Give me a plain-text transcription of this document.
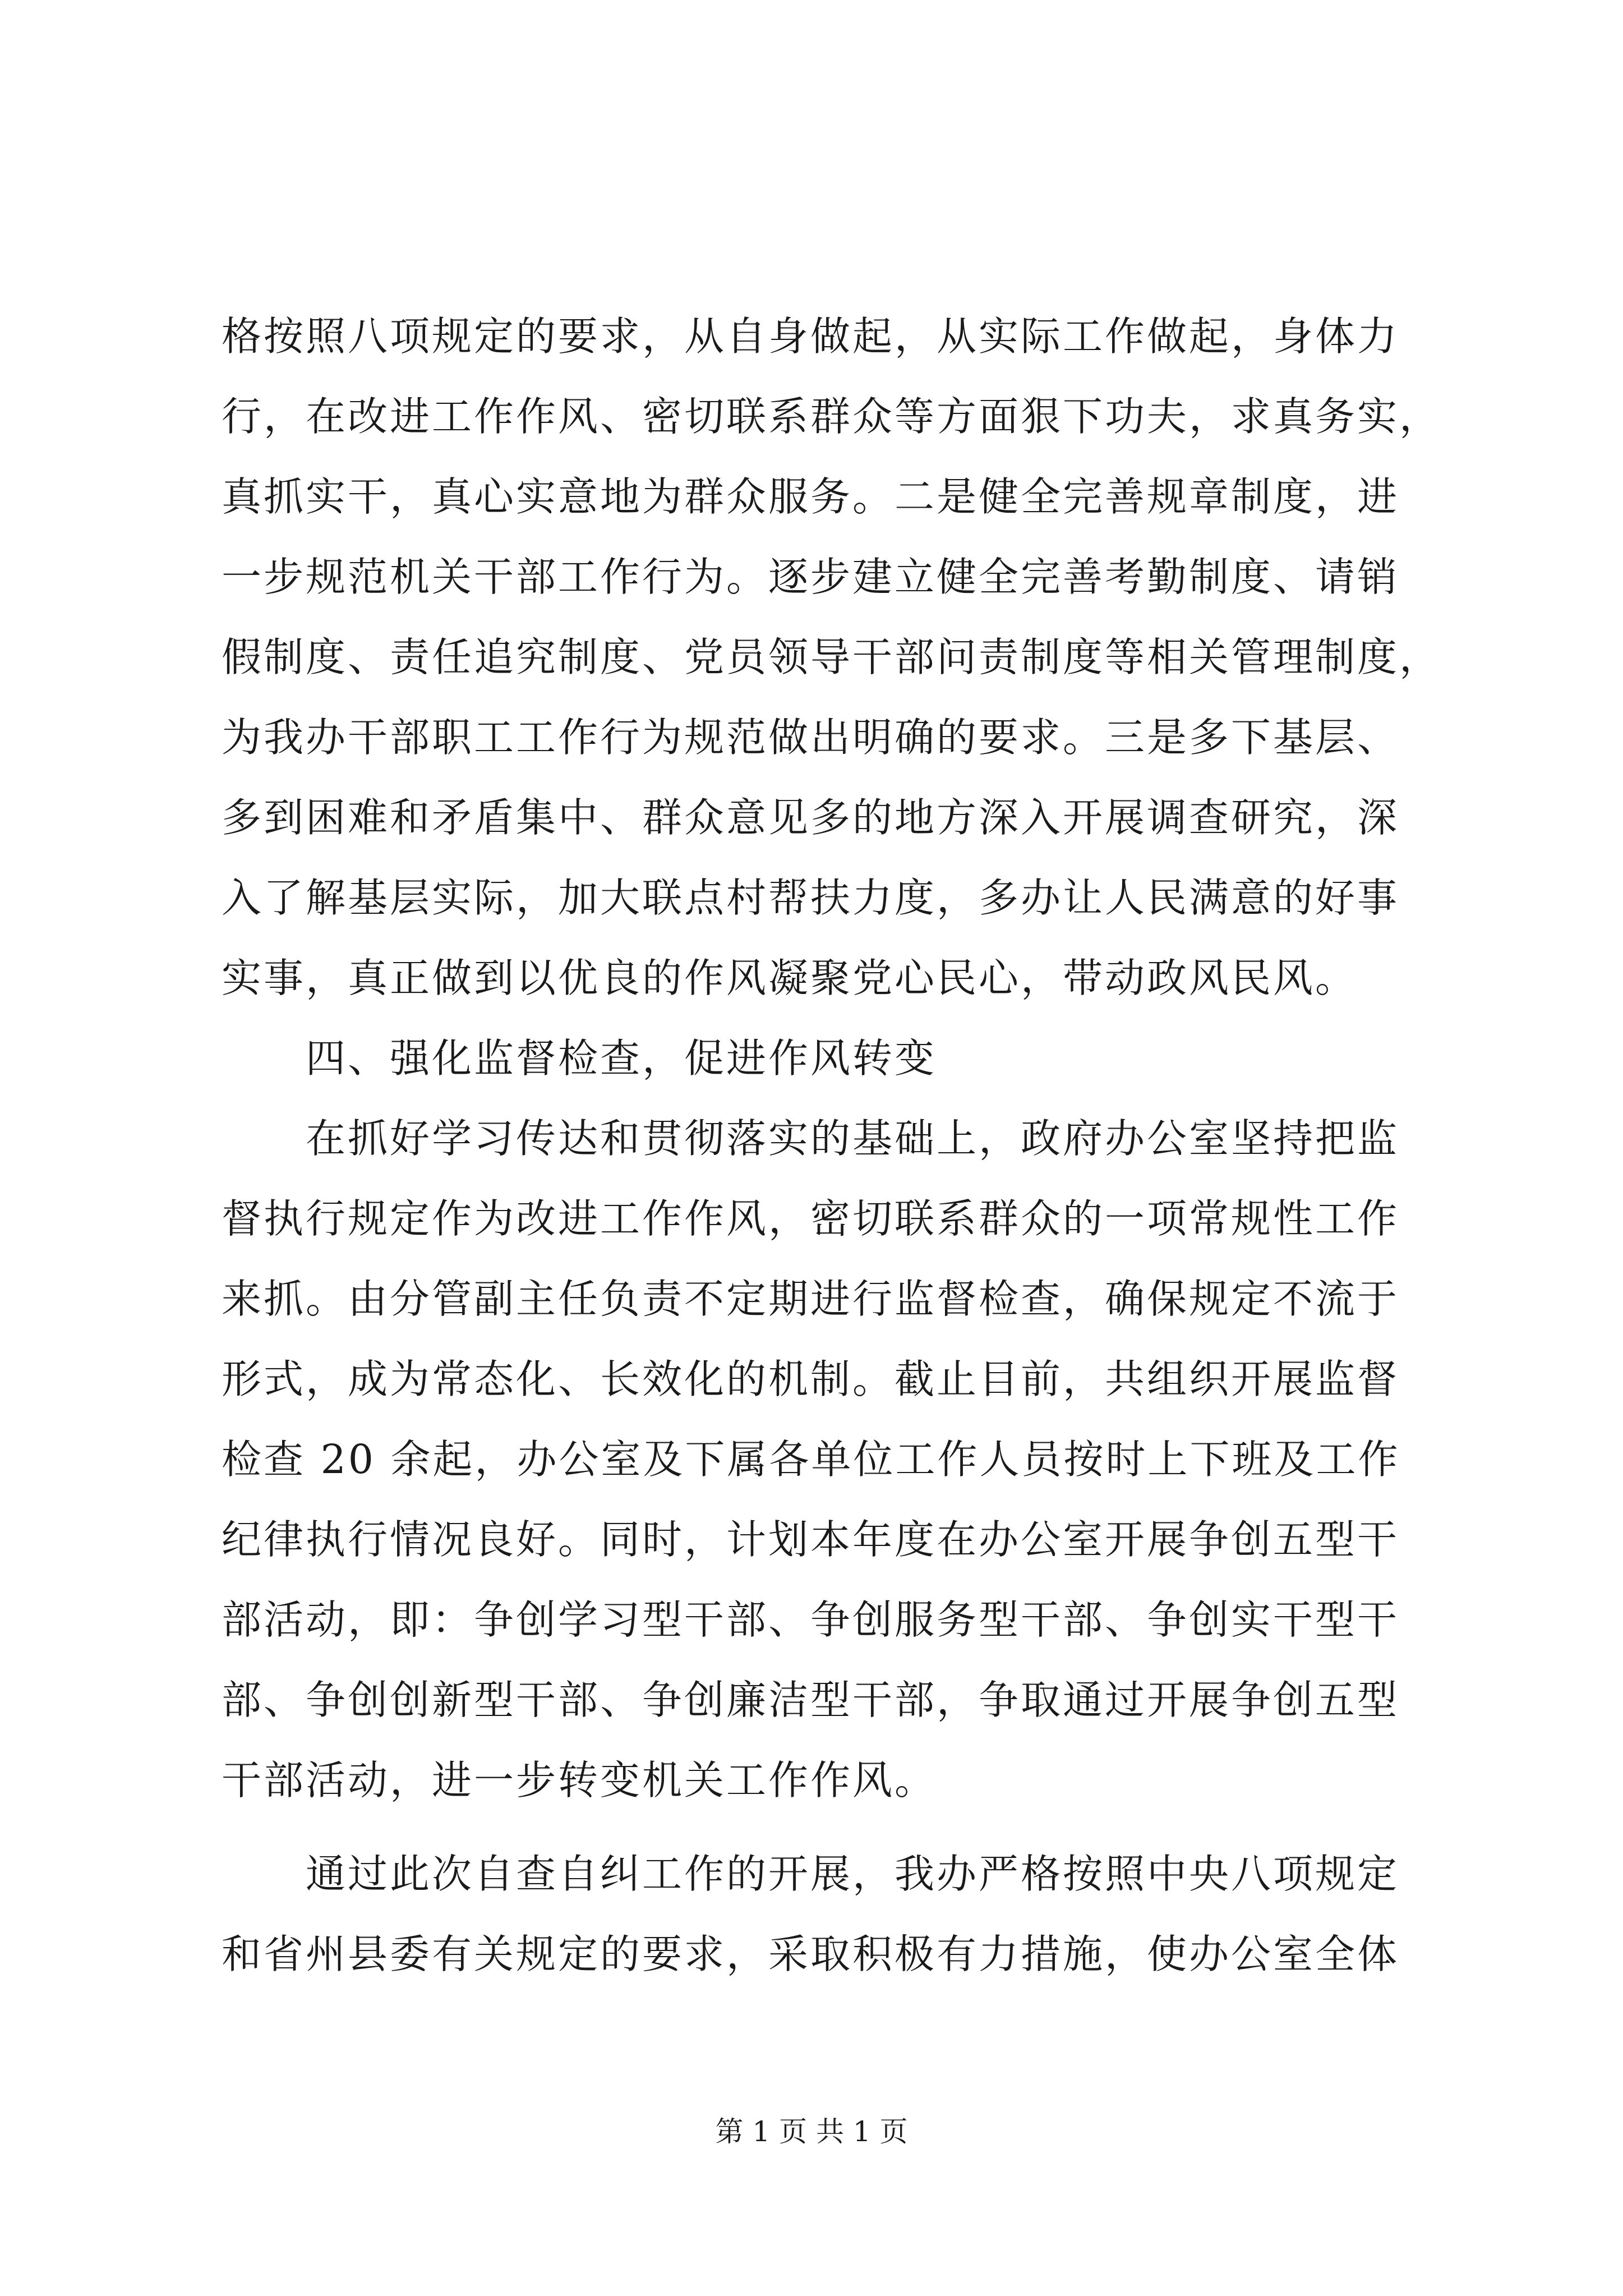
格按照八项规定的要求，从自身做起，从实际工作做起，身体力
行，在改进工作作风、密切联系群众等方面狠下功夫，求真务实，
真抓实干，真心实意地为群众服务。二是健全完善规章制度，进
一步规范机关干部工作行为。逐步建立健全完善考勤制度、请销
假制度、责任追究制度、党员领导干部问责制度等相关管理制度，
为我办干部职工工作行为规范做出明确的要求。三是多下基层、
多到困难和矛盾集中、群众意见多的地方深入开展调查研究，深
入了解基层实际，加大联点村帮扶力度，多办让人民满意的好事
实事，真正做到以优良的作风凝聚党心民心，带动政风民风。
四、强化监督检查，促进作风转变
在抓好学习传达和贯彻落实的基础上，政府办公室坚持把监
督执行规定作为改进工作作风，密切联系群众的一项常规性工作
来抓。由分管副主任负责不定期进行监督检查，确保规定不流于
形式，成为常态化、长效化的机制。截止目前，共组织开展监督
检查 20 余起，办公室及下属各单位工作人员按时上下班及工作
纪律执行情况良好。同时，计划本年度在办公室开展争创五型干
部活动，即：争创学习型干部、争创服务型干部、争创实干型干
部、争创创新型干部、争创廉洁型干部，争取通过开展争创五型
干部活动，进一步转变机关工作作风。
通过此次自查自纠工作的开展，我办严格按照中央八项规定
和省州县委有关规定的要求，采取积极有力措施，使办公室全体
第 1 页 共 1 页
